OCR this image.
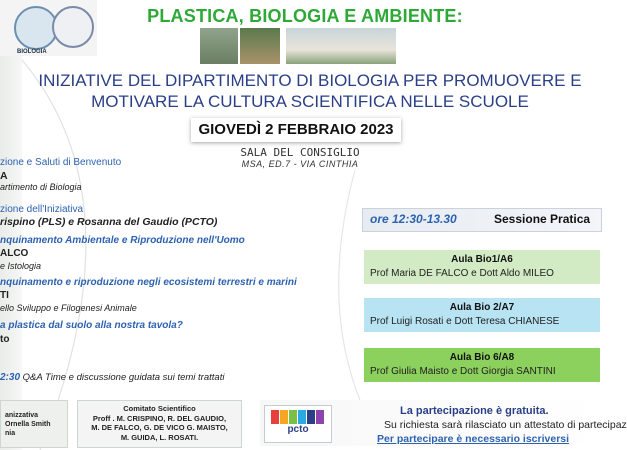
BIOLOGIA
PLASTICA, BIOLOGIA E AMBIENTE:
INIZIATIVE DEL DIPARTIMENTO DI BIOLOGIA PER PROMUOVERE E
MOTIVARE LA CULTURA SCIENTIFICA NELLE SCUOLE
GIOVEDÌ 2 FEBBRAIO 2023
SALA DEL CONSIGLIO
MSA, ED.7 - VIA CINTHIA
zione e Saluti di Benvenuto
A
artimento di Biologia
zione dell'Iniziativa
rispino (PLS) e Rosanna del Gaudio (PCTO)
nquinamento Ambientale e Riproduzione nell'Uomo
ALCO
e Istologia
nquinamento e riproduzione negli ecosistemi terrestri e marini
TI
ello Sviluppo e Filogenesi Animale
a plastica dal suolo alla nostra tavola?
to
2:30 Q&A Time e discussione guidata sui temi trattati
ore 12:30-13.30	Sessione Pratica
Aula Bio1/A6
Prof Maria DE FALCO e Dott Aldo MILEO
Aula Bio 2/A7
Prof Luigi Rosati e Dott Teresa CHIANESE
Aula Bio 6/A8
Prof Giulia Maisto e Dott Giorgia SANTINI
anizzativa
Ornella Smith
nia
Comitato Scientifico
Proff . M. CRISPINO, R. DEL GAUDIO,
M. DE FALCO, G. DE VICO G. MAISTO,
M. GUIDA, L. ROSATI.
pcto
La partecipazione è gratuita.
Su richiesta sarà rilasciato un attestato di partecipaz
Per partecipare è necessario iscriversi
